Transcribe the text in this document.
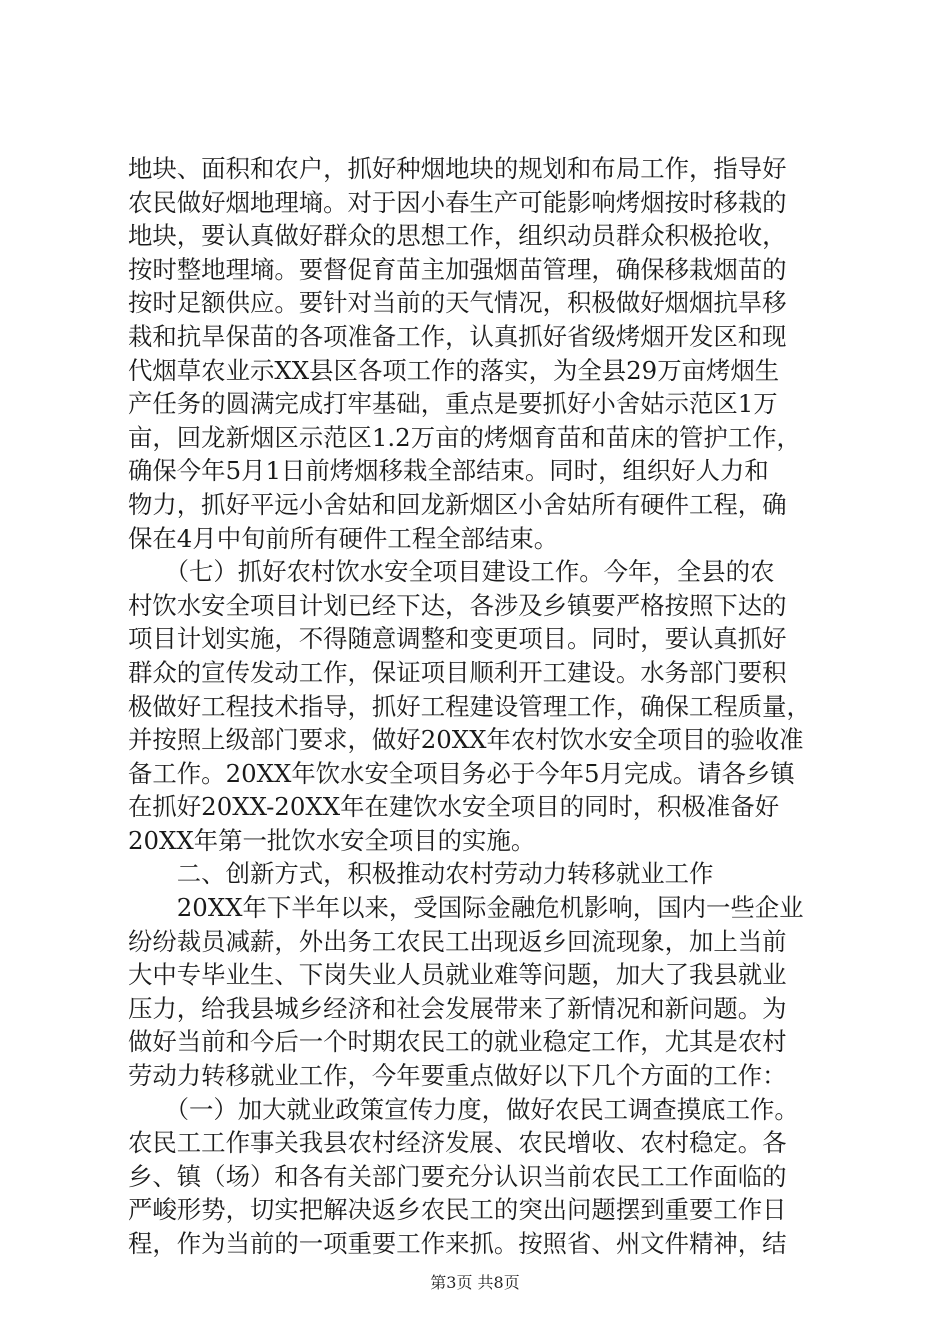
地块、面积和农户，抓好种烟地块的规划和布局工作，指导好
农民做好烟地理墒。对于因小春生产可能影响烤烟按时移栽的
地块，要认真做好群众的思想工作，组织动员群众积极抢收，
按时整地理墒。要督促育苗主加强烟苗管理，确保移栽烟苗的
按时足额供应。要针对当前的天气情况，积极做好烟烟抗旱移
栽和抗旱保苗的各项准备工作，认真抓好省级烤烟开发区和现
代烟草农业示XX县区各项工作的落实，为全县29万亩烤烟生
产任务的圆满完成打牢基础，重点是要抓好小舍姑示范区1万
亩，回龙新烟区示范区1.2万亩的烤烟育苗和苗床的管护工作，
确保今年5月1日前烤烟移栽全部结束。同时，组织好人力和
物力，抓好平远小舍姑和回龙新烟区小舍姑所有硬件工程，确
保在4月中旬前所有硬件工程全部结束。
　　（七）抓好农村饮水安全项目建设工作。今年，全县的农
村饮水安全项目计划已经下达，各涉及乡镇要严格按照下达的
项目计划实施，不得随意调整和变更项目。同时，要认真抓好
群众的宣传发动工作，保证项目顺利开工建设。水务部门要积
极做好工程技术指导，抓好工程建设管理工作，确保工程质量，
并按照上级部门要求，做好20XX年农村饮水安全项目的验收准
备工作。20XX年饮水安全项目务必于今年5月完成。请各乡镇
在抓好20XX-20XX年在建饮水安全项目的同时，积极准备好
20XX年第一批饮水安全项目的实施。
　　二、创新方式，积极推动农村劳动力转移就业工作
　　20XX年下半年以来，受国际金融危机影响，国内一些企业
纷纷裁员减薪，外出务工农民工出现返乡回流现象，加上当前
大中专毕业生、下岗失业人员就业难等问题，加大了我县就业
压力，给我县城乡经济和社会发展带来了新情况和新问题。为
做好当前和今后一个时期农民工的就业稳定工作，尤其是农村
劳动力转移就业工作，今年要重点做好以下几个方面的工作：
　　（一）加大就业政策宣传力度，做好农民工调查摸底工作。
农民工工作事关我县农村经济发展、农民增收、农村稳定。各
乡、镇（场）和各有关部门要充分认识当前农民工工作面临的
严峻形势，切实把解决返乡农民工的突出问题摆到重要工作日
程，作为当前的一项重要工作来抓。按照省、州文件精神，结
第3页 共8页
